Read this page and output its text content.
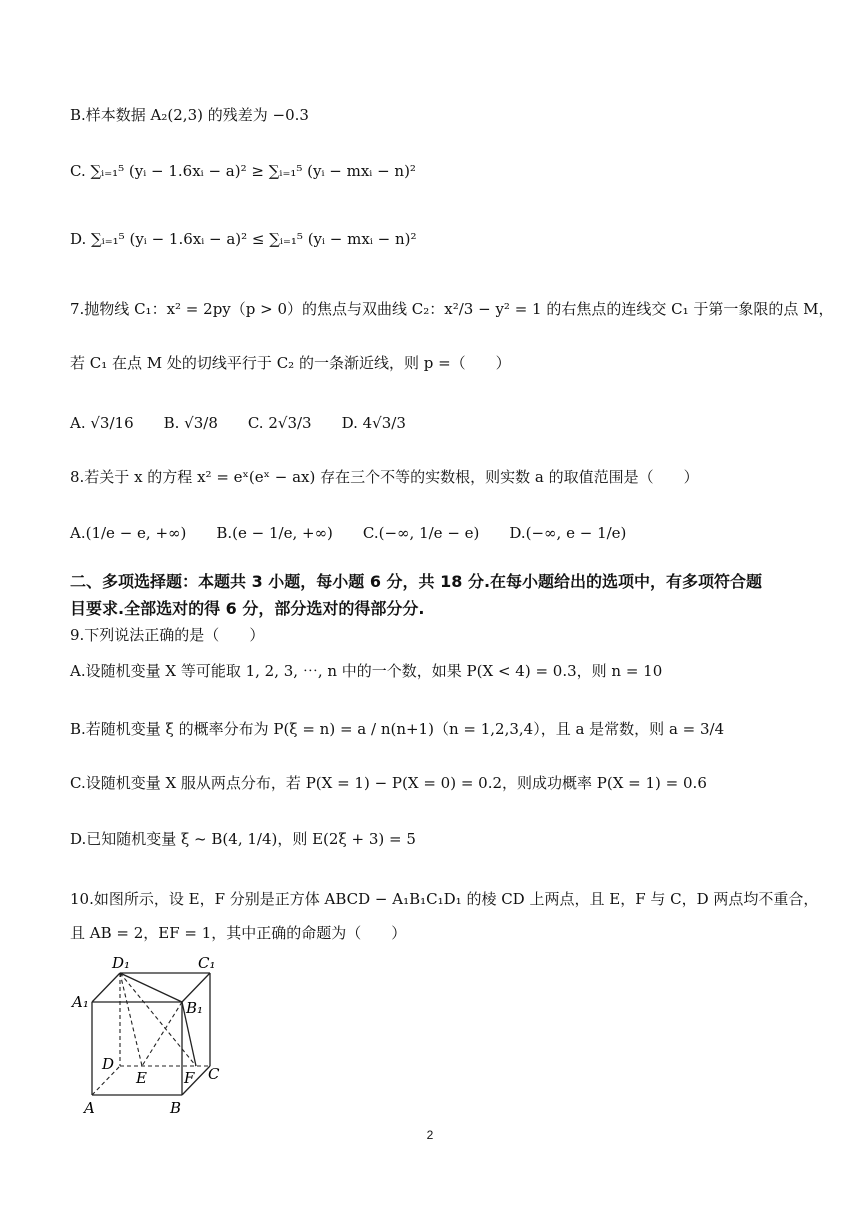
B.样本数据 A₂(2,3) 的残差为 −0.3
C. ∑ᵢ₌₁⁵ (yᵢ − 1.6xᵢ − a)² ≥ ∑ᵢ₌₁⁵ (yᵢ − mxᵢ − n)²
D. ∑ᵢ₌₁⁵ (yᵢ − 1.6xᵢ − a)² ≤ ∑ᵢ₌₁⁵ (yᵢ − mxᵢ − n)²
7.抛物线 C₁：x² = 2py（p > 0）的焦点与双曲线 C₂：x²/3 − y² = 1 的右焦点的连线交 C₁ 于第一象限的点 M，
若 C₁ 在点 M 处的切线平行于 C₂ 的一条渐近线，则 p =（　　）
A. √3/16　　B. √3/8　　C. 2√3/3　　D. 4√3/3
8.若关于 x 的方程 x² = eˣ(eˣ − ax) 存在三个不等的实数根，则实数 a 的取值范围是（　　）
A.(1/e − e, +∞)　　B.(e − 1/e, +∞)　　C.(−∞, 1/e − e)　　D.(−∞, e − 1/e)
二、多项选择题：本题共 3 小题，每小题 6 分，共 18 分.在每小题给出的选项中，有多项符合题
目要求.全部选对的得 6 分，部分选对的得部分分.
9.下列说法正确的是（　　）
A.设随机变量 X 等可能取 1, 2, 3, ⋯, n 中的一个数，如果 P(X < 4) = 0.3，则 n = 10
B.若随机变量 ξ 的概率分布为 P(ξ = n) = a / n(n+1)（n = 1,2,3,4），且 a 是常数，则 a = 3/4
C.设随机变量 X 服从两点分布，若 P(X = 1) − P(X = 0) = 0.2，则成功概率 P(X = 1) = 0.6
D.已知随机变量 ξ ~ B(4, 1/4)，则 E(2ξ + 3) = 5
10.如图所示，设 E，F 分别是正方体 ABCD − A₁B₁C₁D₁ 的棱 CD 上两点，且 E，F 与 C，D 两点均不重合，
且 AB = 2，EF = 1，其中正确的命题为（　　）
D₁	C₁
A₁	B₁
D
E F C
A	B
2
